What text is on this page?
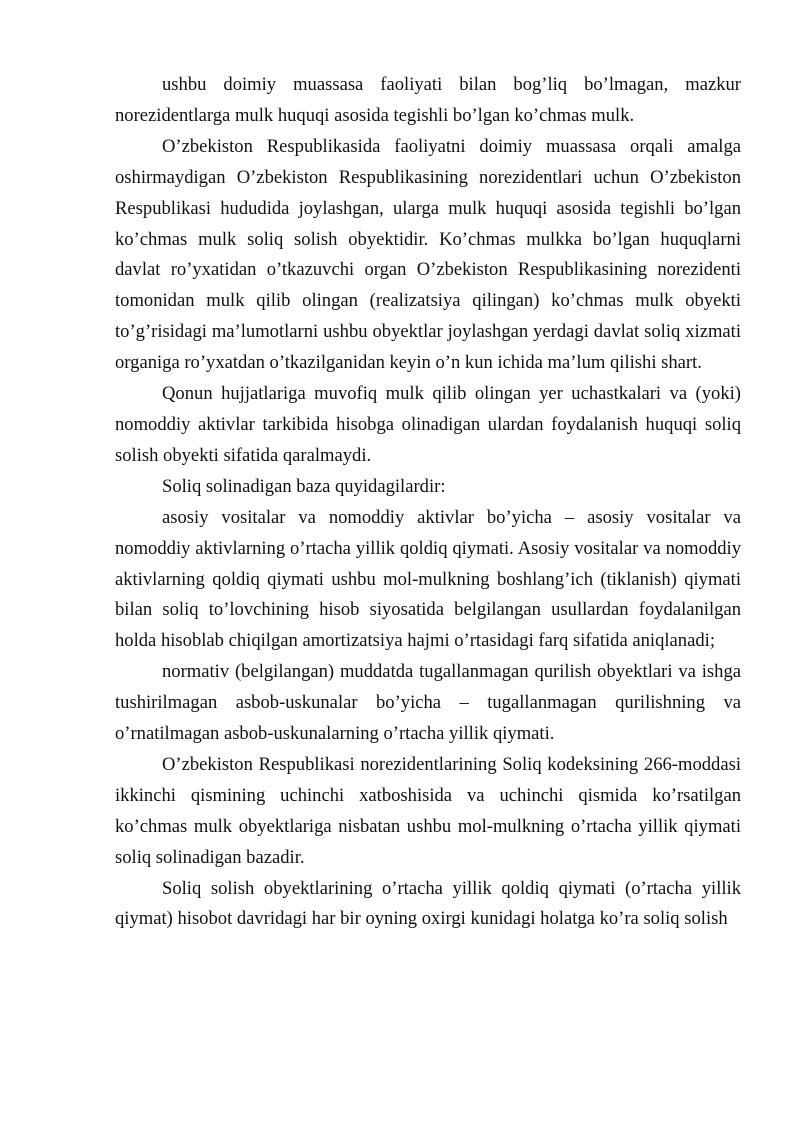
ushbu doimiy muassasa faoliyati bilan bog’liq bo’lmagan, mazkur norezidentlarga mulk huquqi asosida tegishli bo’lgan ko’chmas mulk.

O’zbekiston Respublikasida faoliyatni doimiy muassasa orqali amalga oshirmaydigan O’zbekiston Respublikasining norezidentlari uchun O’zbekiston Respublikasi hududida joylashgan, ularga mulk huquqi asosida tegishli bo’lgan ko’chmas mulk soliq solish obyektidir. Ko’chmas mulkka bo’lgan huquqlarni davlat ro’yxatidan o’tkazuvchi organ O’zbekiston Respublikasining norezidenti tomonidan mulk qilib olingan (realizatsiya qilingan) ko’chmas mulk obyekti to’g’risidagi ma’lumotlarni ushbu obyektlar joylashgan yerdagi davlat soliq xizmati organiga ro’yxatdan o’tkazilganidan keyin o’n kun ichida ma’lum qilishi shart.

Qonun hujjatlariga muvofiq mulk qilib olingan yer uchastkalari va (yoki) nomoddiy aktivlar tarkibida hisobga olinadigan ulardan foydalanish huquqi soliq solish obyekti sifatida qaralmaydi.

Soliq solinadigan baza quyidagilardir:

asosiy vositalar va nomoddiy aktivlar bo’yicha – asosiy vositalar va nomoddiy aktivlarning o’rtacha yillik qoldiq qiymati. Asosiy vositalar va nomoddiy aktivlarning qoldiq qiymati ushbu mol-mulkning boshlang’ich (tiklanish) qiymati bilan soliq to’lovchining hisob siyosatida belgilangan usullardan foydalanilgan holda hisoblab chiqilgan amortizatsiya hajmi o’rtasidagi farq sifatida aniqlanadi;

normativ (belgilangan) muddatda tugallanmagan qurilish obyektlari va ishga tushirilmagan asbob-uskunalar bo’yicha – tugallanmagan qurilishning va o’rnatilmagan asbob-uskunalarning o’rtacha yillik qiymati.

O’zbekiston Respublikasi norezidentlarining Soliq kodeksining 266-moddasi ikkinchi qismining uchinchi xatboshisida va uchinchi qismida ko’rsatilgan ko’chmas mulk obyektlariga nisbatan ushbu mol-mulkning o’rtacha yillik qiymati soliq solinadigan bazadir.

Soliq solish obyektlarining o’rtacha yillik qoldiq qiymati (o’rtacha yillik qiymat) hisobot davridagi har bir oyning oxirgi kunidagi holatga ko’ra soliq solish
